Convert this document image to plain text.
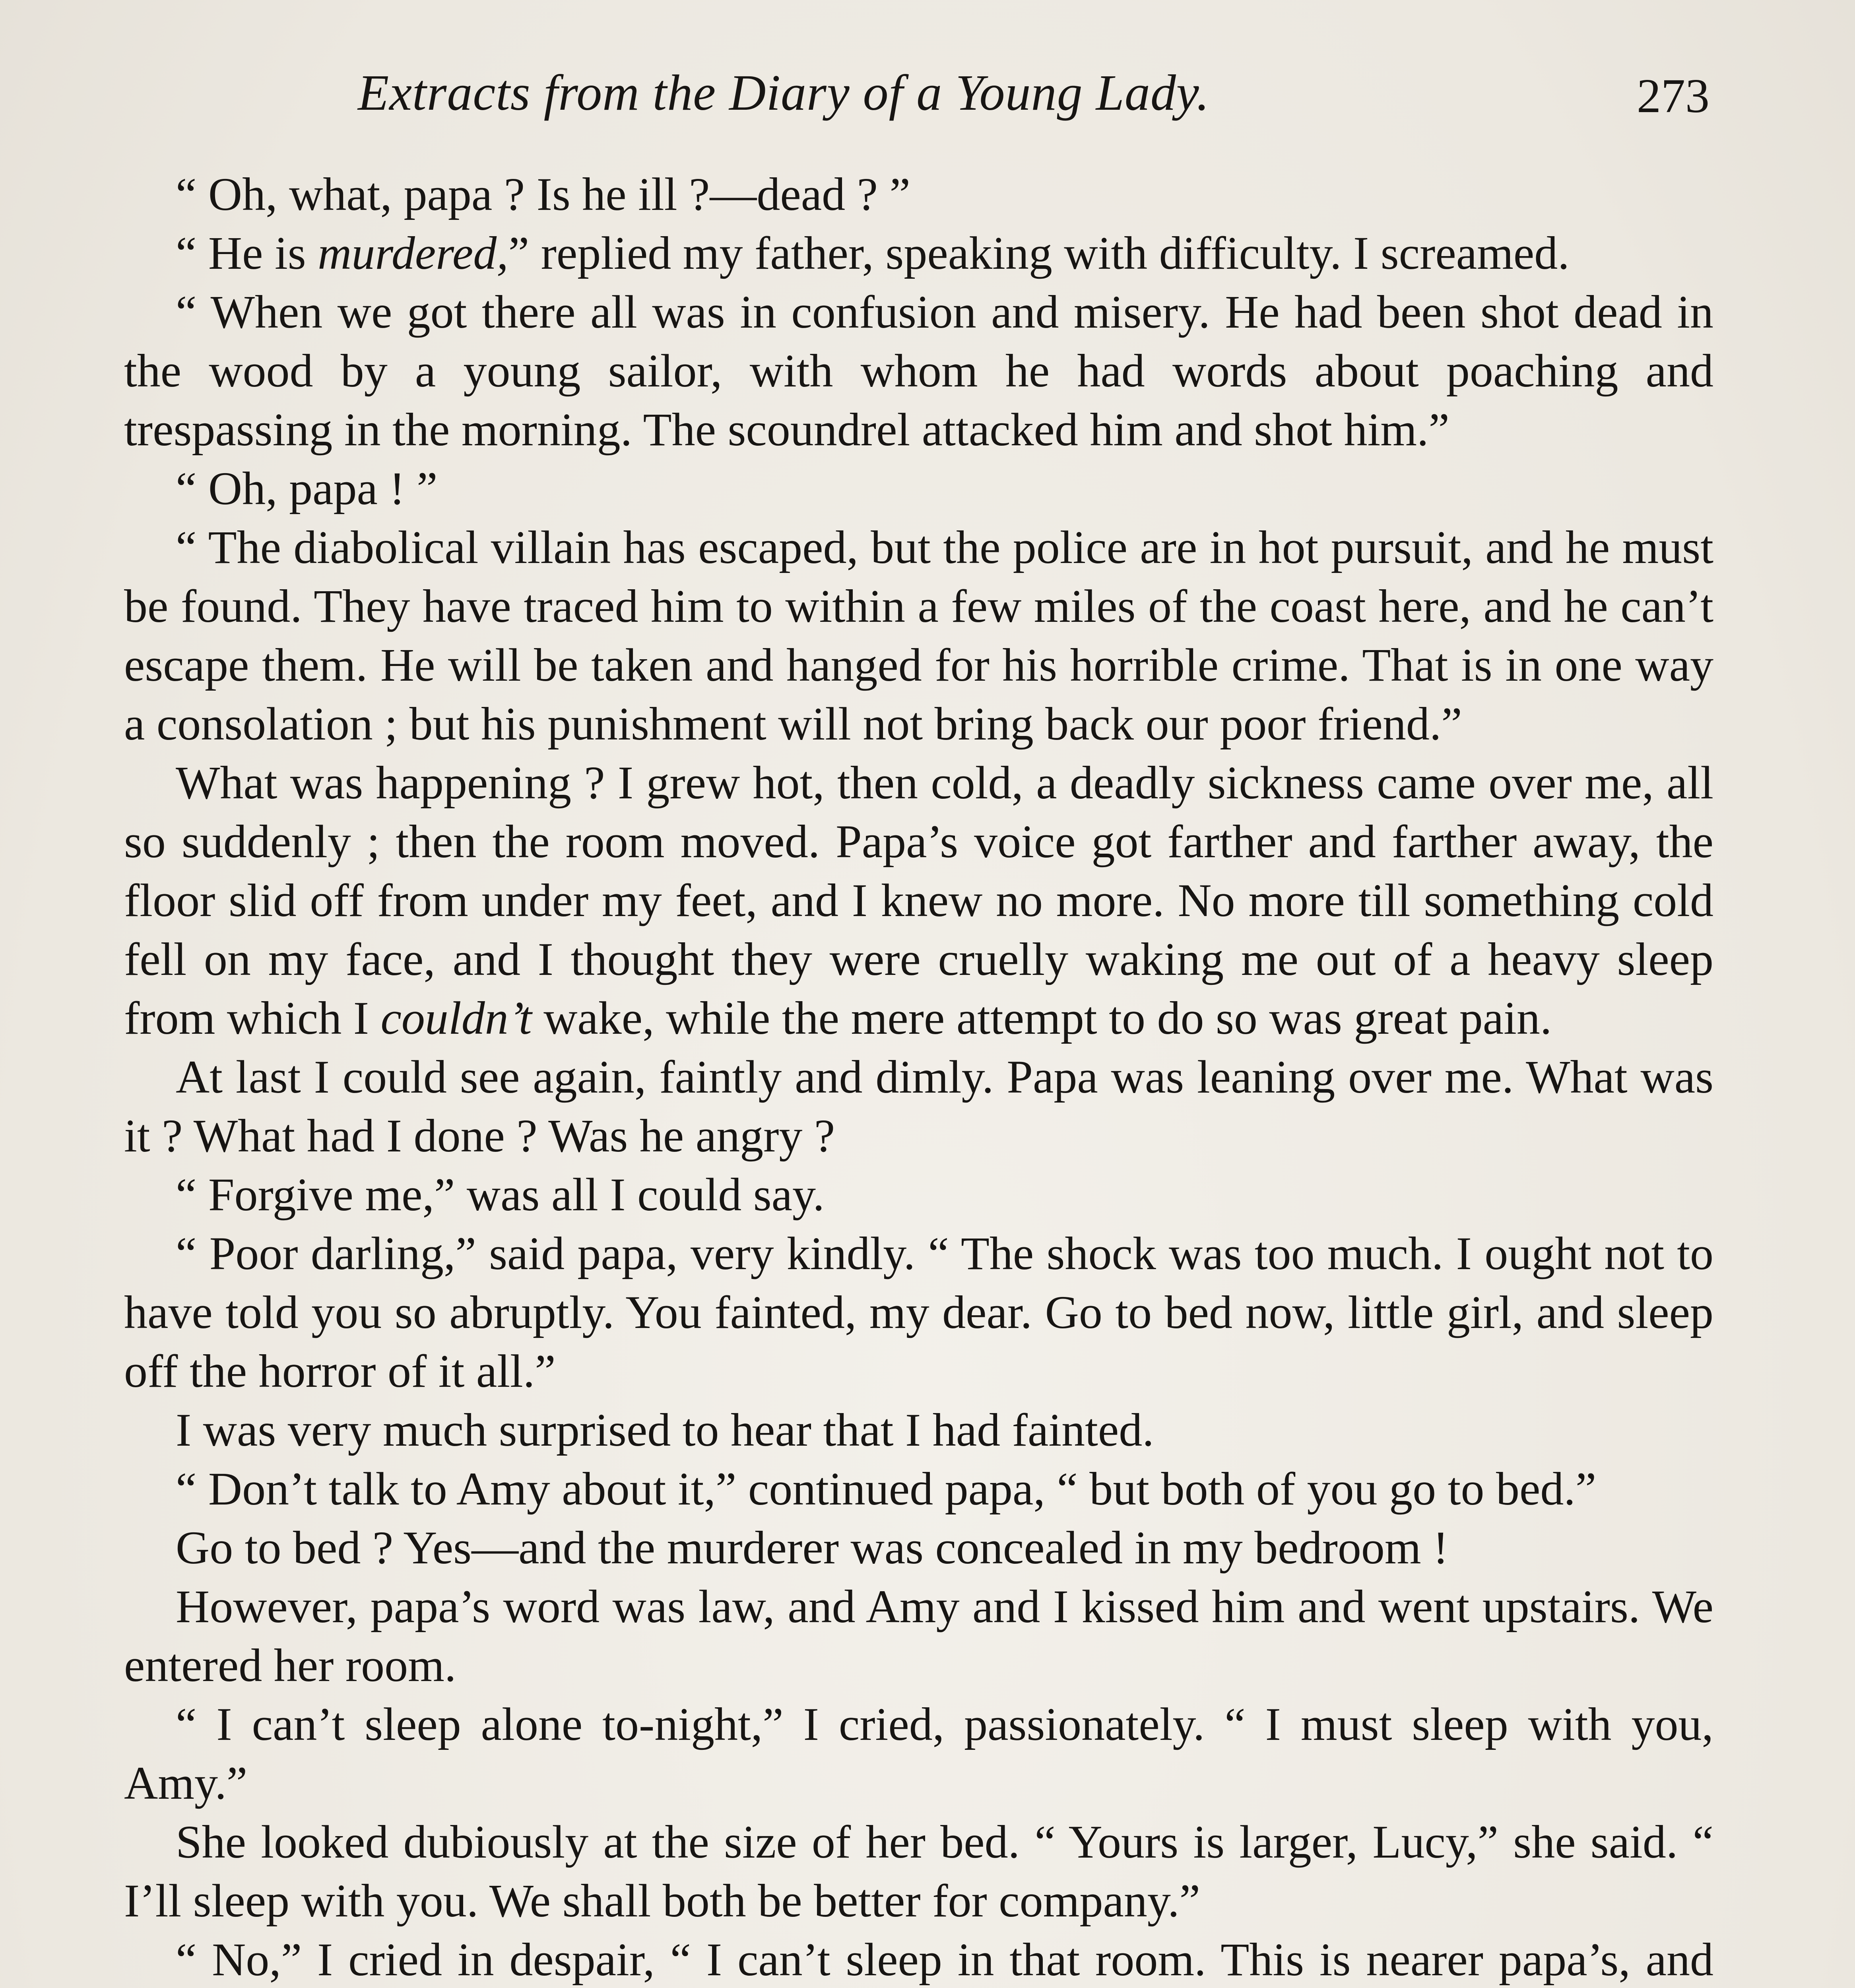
Extracts from the Diary of a Young Lady.	273

“ Oh, what, papa ? Is he ill ?—dead ? ”

“ He is murdered,” replied my father, speaking with difficulty. I screamed.

“ When we got there all was in confusion and misery. He had been shot dead in the wood by a young sailor, with whom he had words about poaching and trespassing in the morning. The scoundrel attacked him and shot him.”

“ Oh, papa ! ”

“ The diabolical villain has escaped, but the police are in hot pursuit, and he must be found. They have traced him to within a few miles of the coast here, and he can’t escape them. He will be taken and hanged for his horrible crime. That is in one way a consolation ; but his punishment will not bring back our poor friend.”

What was happening ? I grew hot, then cold, a deadly sickness came over me, all so suddenly ; then the room moved. Papa’s voice got farther and farther away, the floor slid off from under my feet, and I knew no more. No more till something cold fell on my face, and I thought they were cruelly waking me out of a heavy sleep from which I couldn’t wake, while the mere attempt to do so was great pain.

At last I could see again, faintly and dimly. Papa was leaning over me. What was it ? What had I done ? Was he angry ?

“ Forgive me,” was all I could say.

“ Poor darling,” said papa, very kindly. “ The shock was too much. I ought not to have told you so abruptly. You fainted, my dear. Go to bed now, little girl, and sleep off the horror of it all.”

I was very much surprised to hear that I had fainted.

“ Don’t talk to Amy about it,” continued papa, “ but both of you go to bed.”

Go to bed ? Yes—and the murderer was concealed in my bedroom !

However, papa’s word was law, and Amy and I kissed him and went upstairs. We entered her room.

“ I can’t sleep alone to-night,” I cried, passionately. “ I must sleep with you, Amy.”

She looked dubiously at the size of her bed. “ Yours is larger, Lucy,” she said. “ I’ll sleep with you. We shall both be better for company.”

“ No,” I cried in despair, “ I can’t sleep in that room. This is nearer papa’s, and
